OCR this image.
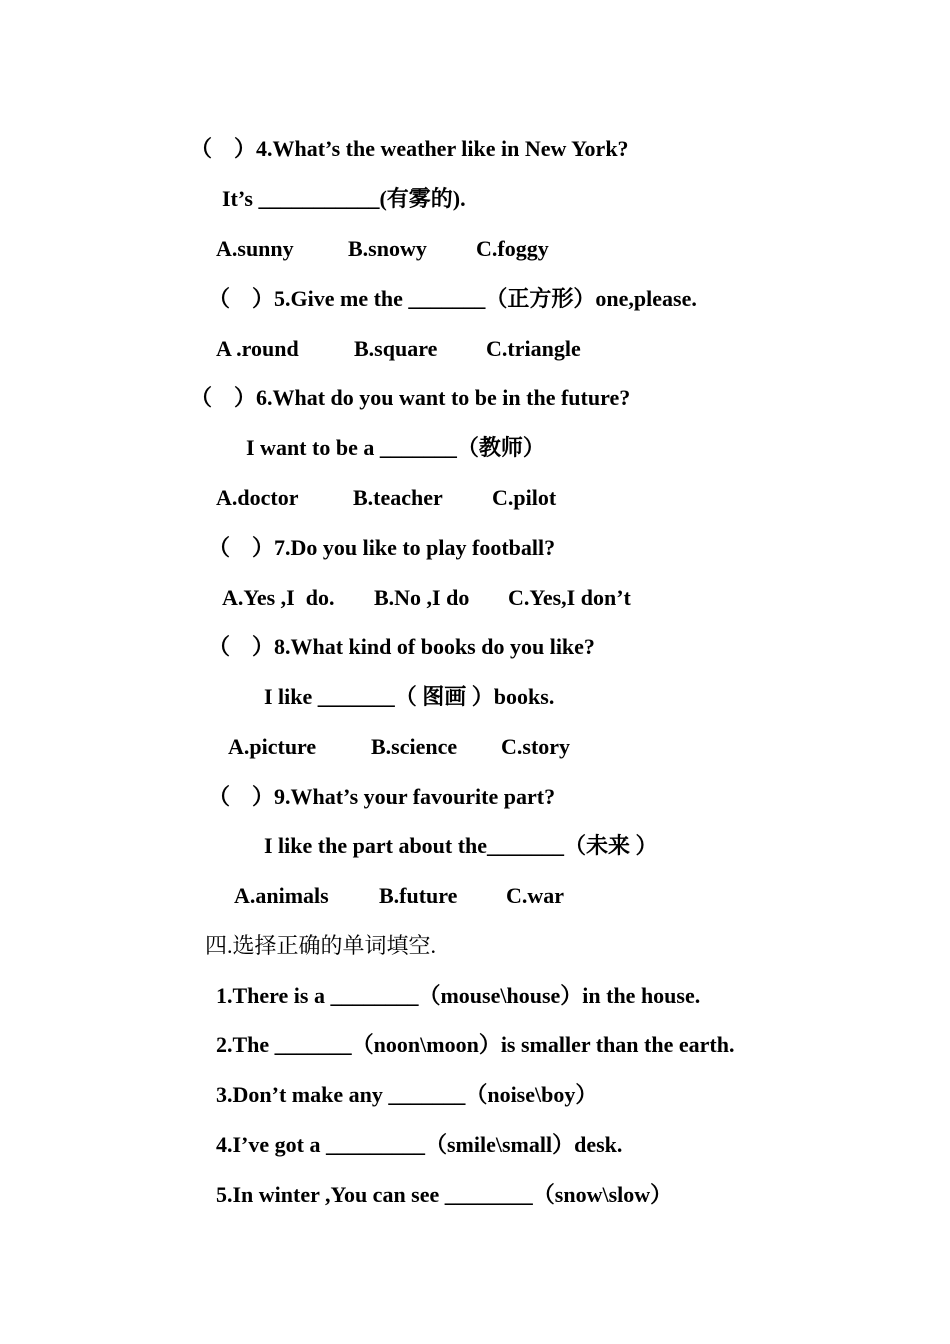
（    ）4.What’s the weather like in New York?
It’s ___________(有雾的).
A.sunny B.snowy C.foggy
（    ）5.Give me the _______（正方形）one,please.
A .round	B.square C.triangle
（    ）6.What do you want to be in the future?
I want to be a _______（教师）
A.doctor B.teacher C.pilot
（    ）7.Do you like to play football?
A.Yes ,I  do. B.No ,I do C.Yes,I don’t
（    ）8.What kind of books do you like?
I like _______（ 图画 ）books.
A.picture B.science C.story
（    ）9.What’s your favourite part?
I like the part about the_______（未来 ）
A.animals B.future C.war
四.选择正确的单词填空.
1.There is a ________（mouse\house）in the house.
2.The _______（noon\moon）is smaller than the earth.
3.Don’t make any _______（noise\boy）
4.I’ve got a _________（smile\small）desk.
5.In winter ,You can see ________（snow\slow）
